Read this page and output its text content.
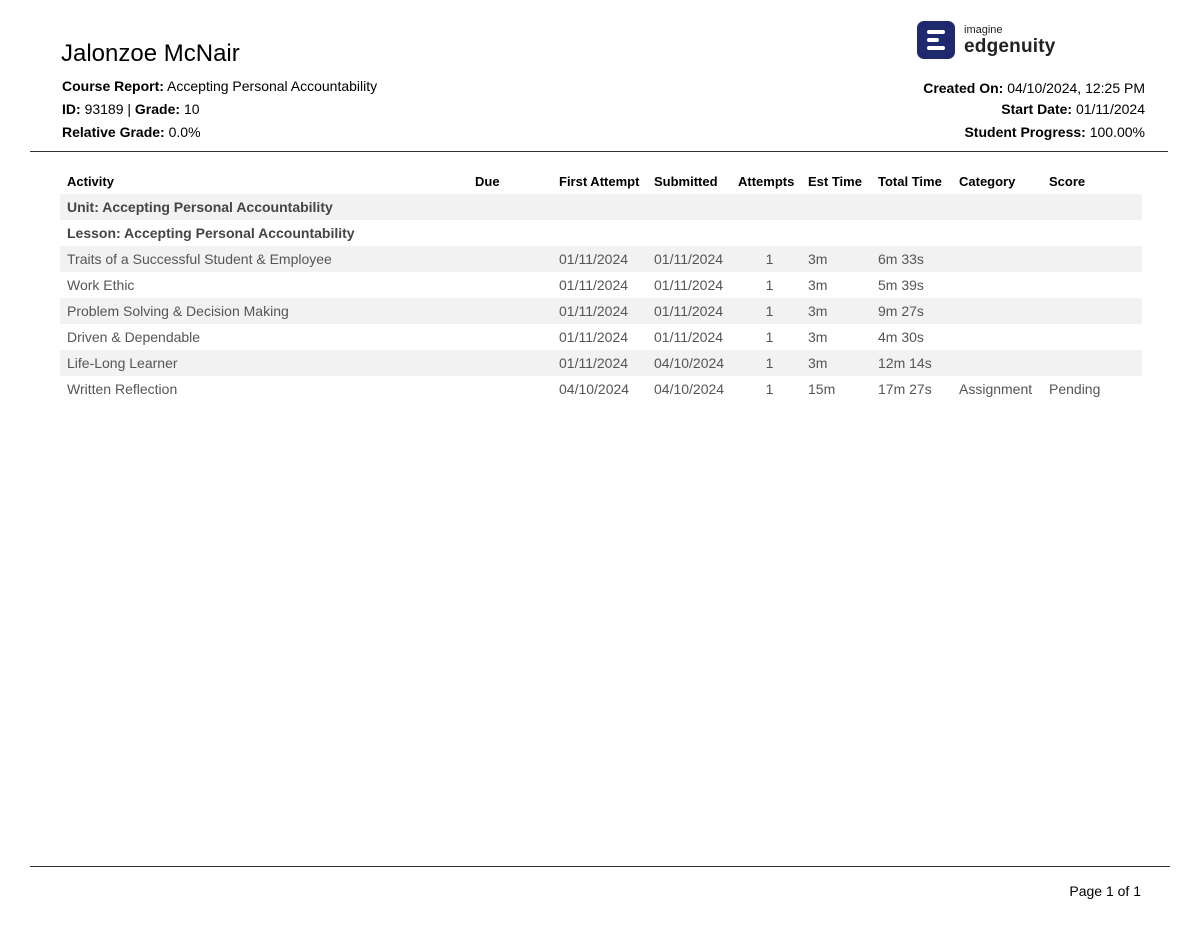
Jalonzoe McNair
Course Report: Accepting Personal Accountability
ID: 93189 | Grade: 10
Relative Grade: 0.0%
imagine
edgenuity
Created On: 04/10/2024, 12:25 PM
Start Date: 01/11/2024
Student Progress: 100.00%
Activity	Due	First Attempt	Submitted	Attempts	Est Time	Total Time	Category	Score
Unit: Accepting Personal Accountability								
Lesson: Accepting Personal Accountability								
Traits of a Successful Student & Employee		01/11/2024	01/11/2024	1	3m	6m 33s		
Work Ethic		01/11/2024	01/11/2024	1	3m	5m 39s		
Problem Solving & Decision Making		01/11/2024	01/11/2024	1	3m	9m 27s		
Driven & Dependable		01/11/2024	01/11/2024	1	3m	4m 30s		
Life-Long Learner		01/11/2024	04/10/2024	1	3m	12m 14s		
Written Reflection		04/10/2024	04/10/2024	1	15m	17m 27s	Assignment	Pending
Page 1 of 1
